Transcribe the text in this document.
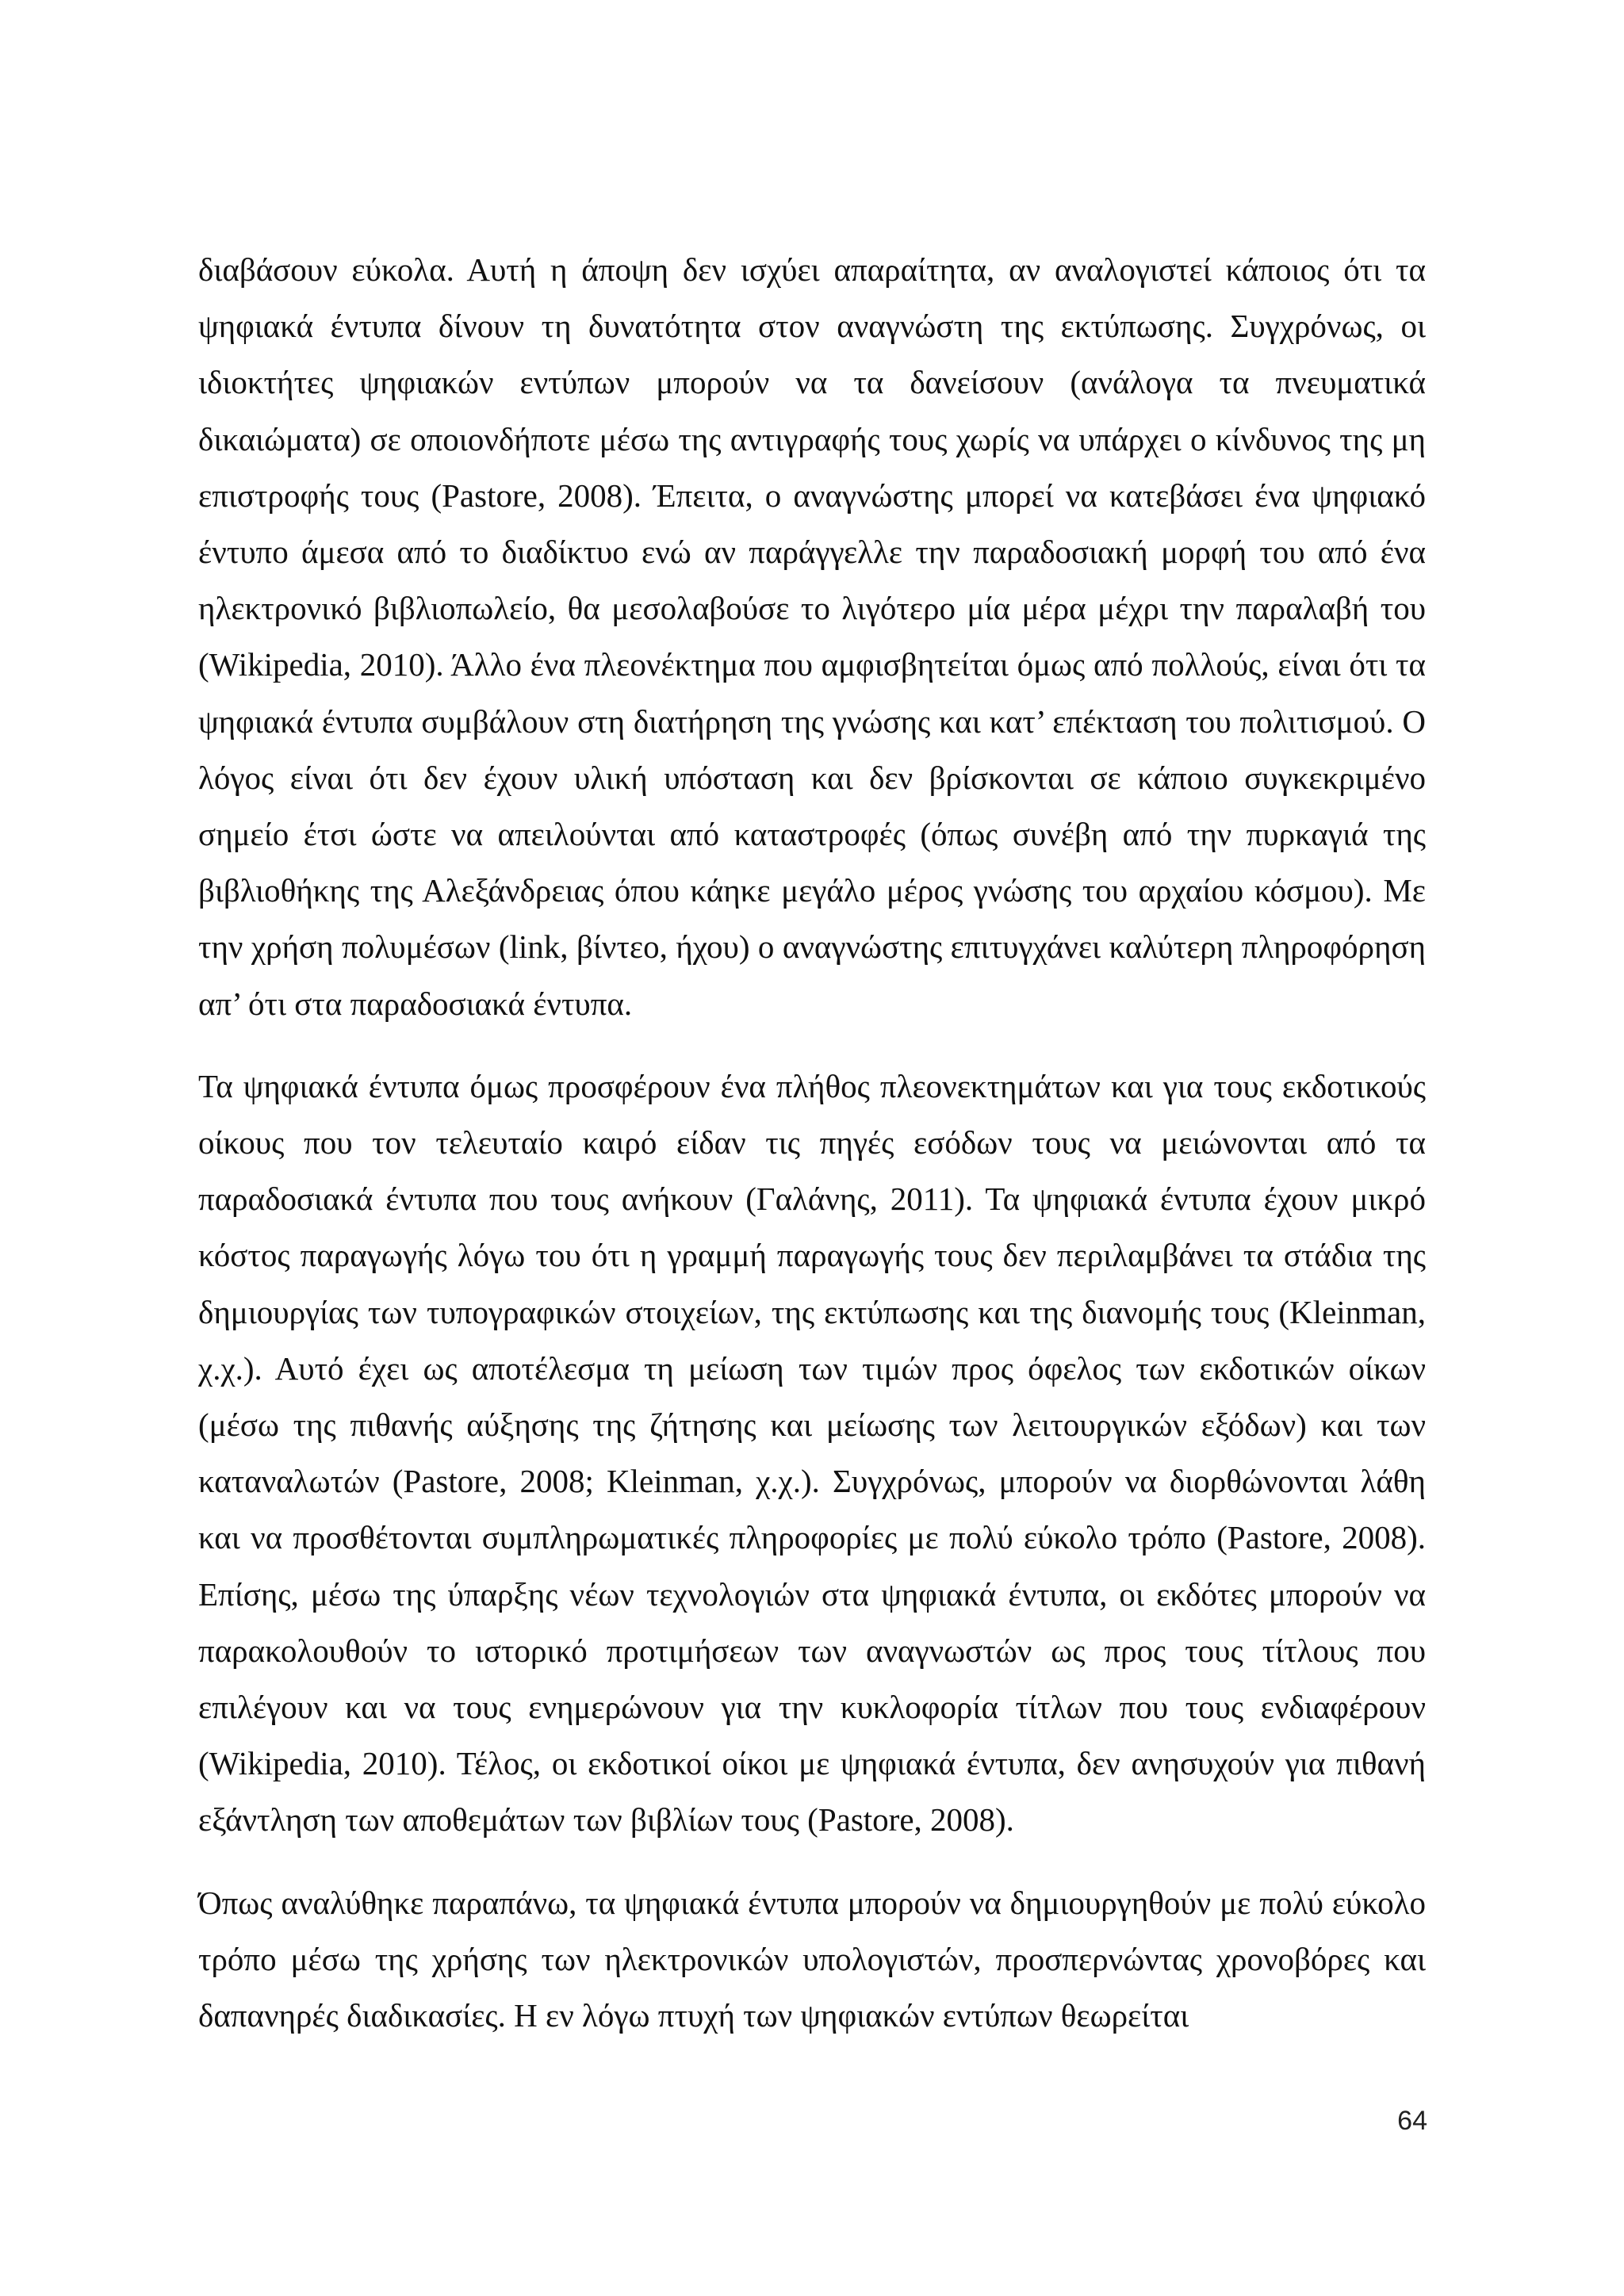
διαβάσουν εύκολα. Αυτή η άποψη δεν ισχύει απαραίτητα, αν αναλογιστεί κάποιος ότι τα ψηφιακά έντυπα δίνουν τη δυνατότητα στον αναγνώστη της εκτύπωσης. Συγχρόνως, οι ιδιοκτήτες ψηφιακών εντύπων μπορούν να τα δανείσουν (ανάλογα τα πνευματικά δικαιώματα) σε οποιονδήποτε μέσω της αντιγραφής τους χωρίς να υπάρχει ο κίνδυνος της μη επιστροφής τους (Pastore, 2008). Έπειτα, ο αναγνώστης μπορεί να κατεβάσει ένα ψηφιακό έντυπο άμεσα από το διαδίκτυο ενώ αν παράγγελλε την παραδοσιακή μορφή του από ένα ηλεκτρονικό βιβλιοπωλείο, θα μεσολαβούσε το λιγότερο μία μέρα μέχρι την παραλαβή του (Wikipedia, 2010). Άλλο ένα πλεονέκτημα που αμφισβητείται όμως από πολλούς, είναι ότι τα ψηφιακά έντυπα συμβάλουν στη διατήρηση της γνώσης και κατ’ επέκταση του πολιτισμού. Ο λόγος είναι ότι δεν έχουν υλική υπόσταση και δεν βρίσκονται σε κάποιο συγκεκριμένο σημείο έτσι ώστε να απειλούνται από καταστροφές (όπως συνέβη από την πυρκαγιά της βιβλιοθήκης της Αλεξάνδρειας όπου κάηκε μεγάλο μέρος γνώσης του αρχαίου κόσμου). Με την χρήση πολυμέσων (link, βίντεο, ήχου) ο αναγνώστης επιτυγχάνει καλύτερη πληροφόρηση απ’ ότι στα παραδοσιακά έντυπα.

Τα ψηφιακά έντυπα όμως προσφέρουν ένα πλήθος πλεονεκτημάτων και για τους εκδοτικούς οίκους που τον τελευταίο καιρό είδαν τις πηγές εσόδων τους να μειώνονται από τα παραδοσιακά έντυπα που τους ανήκουν (Γαλάνης, 2011). Τα ψηφιακά έντυπα έχουν μικρό κόστος παραγωγής λόγω του ότι η γραμμή παραγωγής τους δεν περιλαμβάνει τα στάδια της δημιουργίας των τυπογραφικών στοιχείων, της εκτύπωσης και της διανομής τους (Kleinman, χ.χ.). Αυτό έχει ως αποτέλεσμα τη μείωση των τιμών προς όφελος των εκδοτικών οίκων (μέσω της πιθανής αύξησης της ζήτησης και μείωσης των λειτουργικών εξόδων) και των καταναλωτών (Pastore, 2008; Kleinman, χ.χ.). Συγχρόνως, μπορούν να διορθώνονται λάθη και να προσθέτονται συμπληρωματικές πληροφορίες με πολύ εύκολο τρόπο (Pastore, 2008). Επίσης, μέσω της ύπαρξης νέων τεχνολογιών στα ψηφιακά έντυπα, οι εκδότες μπορούν να παρακολουθούν το ιστορικό προτιμήσεων των αναγνωστών ως προς τους τίτλους που επιλέγουν και να τους ενημερώνουν για την κυκλοφορία τίτλων που τους ενδιαφέρουν (Wikipedia, 2010). Τέλος, οι εκδοτικοί οίκοι με ψηφιακά έντυπα, δεν ανησυχούν για πιθανή εξάντληση των αποθεμάτων των βιβλίων τους (Pastore, 2008).

Όπως αναλύθηκε παραπάνω, τα ψηφιακά έντυπα μπορούν να δημιουργηθούν με πολύ εύκολο τρόπο μέσω της χρήσης των ηλεκτρονικών υπολογιστών, προσπερνώντας χρονοβόρες και δαπανηρές διαδικασίες. Η εν λόγω πτυχή των ψηφιακών εντύπων θεωρείται

64
